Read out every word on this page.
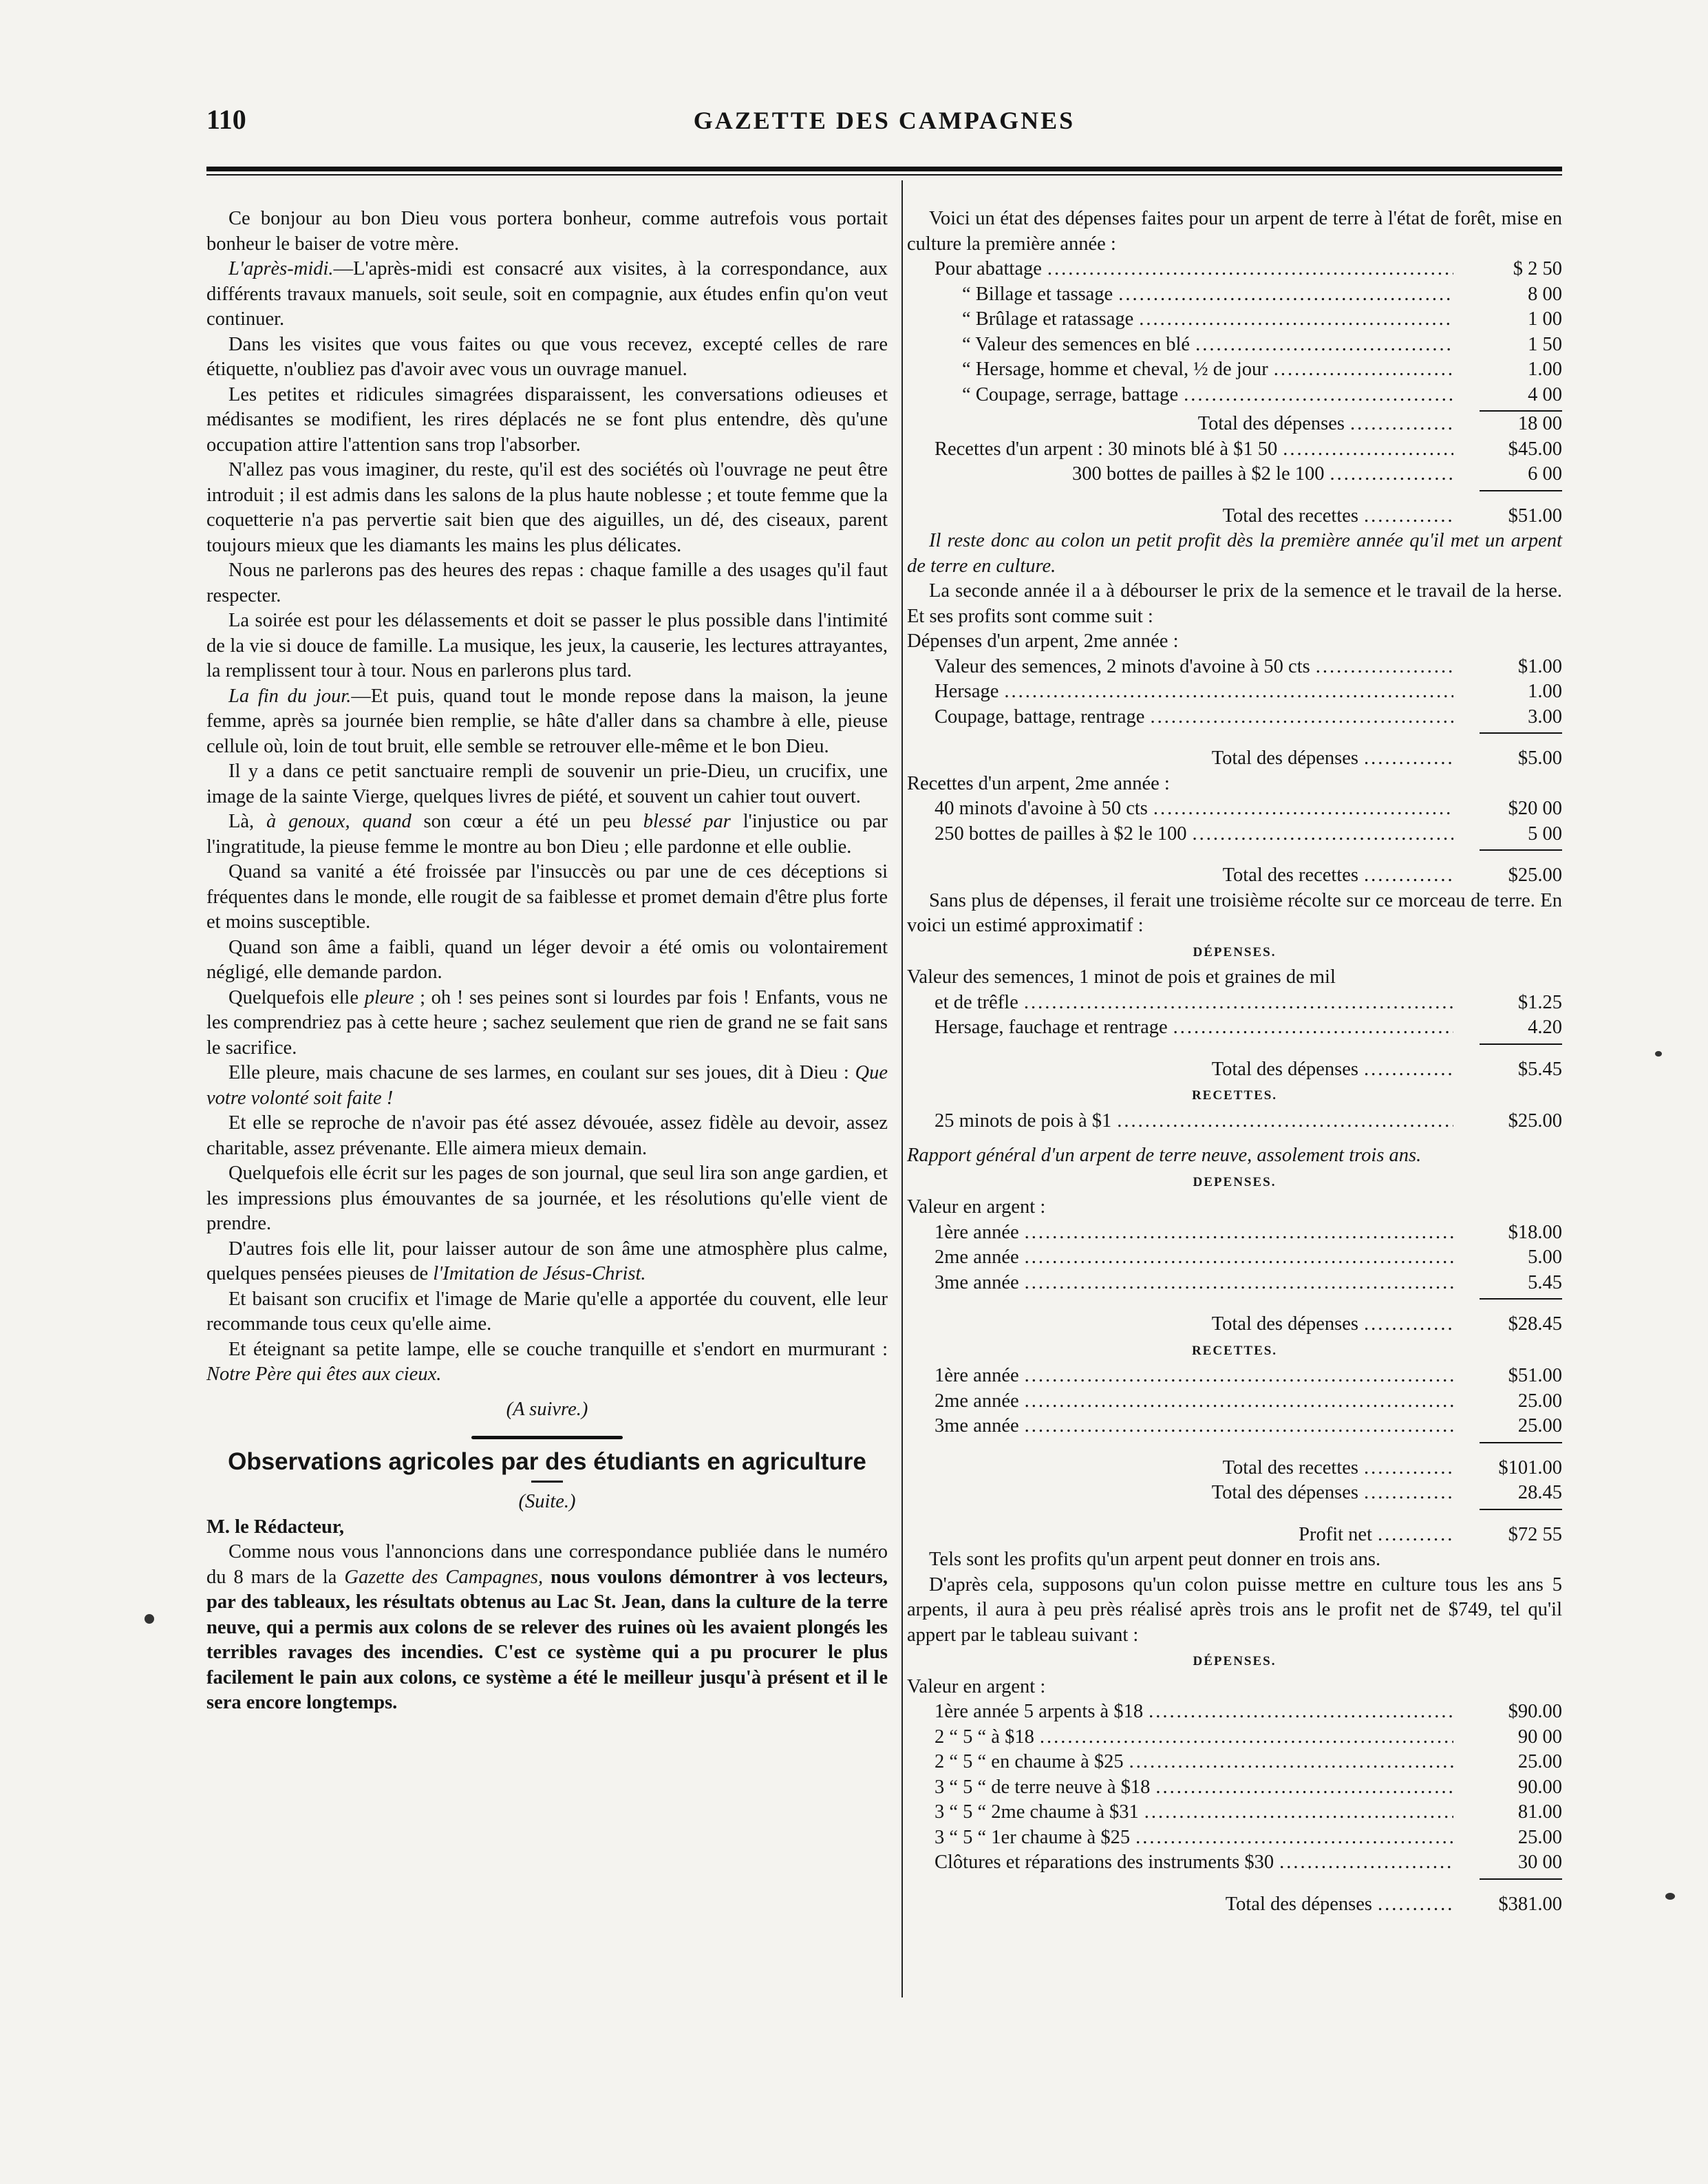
110	GAZETTE DES CAMPAGNES

Ce bonjour au bon Dieu vous portera bonheur, comme autrefois vous portait bonheur le baiser de votre mère.

L'après-midi.—L'après-midi est consacré aux visites, à la correspondance, aux différents travaux manuels, soit seule, soit en compagnie, aux études enfin qu'on veut continuer.

Dans les visites que vous faites ou que vous recevez, excepté celles de rare étiquette, n'oubliez pas d'avoir avec vous un ouvrage manuel.

Les petites et ridicules simagrées disparaissent, les conversations odieuses et médisantes se modifient, les rires déplacés ne se font plus entendre, dès qu'une occupation attire l'attention sans trop l'absorber.

N'allez pas vous imaginer, du reste, qu'il est des sociétés où l'ouvrage ne peut être introduit ; il est admis dans les salons de la plus haute noblesse ; et toute femme que la coquetterie n'a pas pervertie sait bien que des aiguilles, un dé, des ciseaux, parent toujours mieux que les diamants les mains les plus délicates.

Nous ne parlerons pas des heures des repas : chaque famille a des usages qu'il faut respecter.

La soirée est pour les délassements et doit se passer le plus possible dans l'intimité de la vie si douce de famille. La musique, les jeux, la causerie, les lectures attrayantes, la remplissent tour à tour. Nous en parlerons plus tard.

La fin du jour.—Et puis, quand tout le monde repose dans la maison, la jeune femme, après sa journée bien remplie, se hâte d'aller dans sa chambre à elle, pieuse cellule où, loin de tout bruit, elle semble se retrouver elle-même et le bon Dieu.

Il y a dans ce petit sanctuaire rempli de souvenir un prie-Dieu, un crucifix, une image de la sainte Vierge, quelques livres de piété, et souvent un cahier tout ouvert.

Là, à genoux, quand son cœur a été un peu blessé par l'injustice ou par l'ingratitude, la pieuse femme le montre au bon Dieu ; elle pardonne et elle oublie.

Quand sa vanité a été froissée par l'insuccès ou par une de ces déceptions si fréquentes dans le monde, elle rougit de sa faiblesse et promet demain d'être plus forte et moins susceptible.

Quand son âme a faibli, quand un léger devoir a été omis ou volontairement négligé, elle demande pardon.

Quelquefois elle pleure ; oh ! ses peines sont si lourdes par fois ! Enfants, vous ne les comprendriez pas à cette heure ; sachez seulement que rien de grand ne se fait sans le sacrifice.

Elle pleure, mais chacune de ses larmes, en coulant sur ses joues, dit à Dieu : Que votre volonté soit faite !

Et elle se reproche de n'avoir pas été assez dévouée, assez fidèle au devoir, assez charitable, assez prévenante. Elle aimera mieux demain.

Quelquefois elle écrit sur les pages de son journal, que seul lira son ange gardien, et les impressions plus émouvantes de sa journée, et les résolutions qu'elle vient de prendre.

D'autres fois elle lit, pour laisser autour de son âme une atmosphère plus calme, quelques pensées pieuses de l'Imitation de Jésus-Christ.

Et baisant son crucifix et l'image de Marie qu'elle a apportée du couvent, elle leur recommande tous ceux qu'elle aime.

Et éteignant sa petite lampe, elle se couche tranquille et s'endort en murmurant : Notre Père qui êtes aux cieux.

(A suivre.)

Observations agricoles par des étudiants en agriculture
(Suite.)

M. le Rédacteur,

Comme nous vous l'annoncions dans une correspondance publiée dans le numéro du 8 mars de la Gazette des Campagnes, nous voulons démontrer à vos lecteurs, par des tableaux, les résultats obtenus au Lac St. Jean, dans la culture de la terre neuve, qui a permis aux colons de se relever des ruines où les avaient plongés les terribles ravages des incendies. C'est ce système qui a pu procurer le plus facilement le pain aux colons, ce système a été le meilleur jusqu'à présent et il le sera encore longtemps.

Voici un état des dépenses faites pour un arpent de terre à l'état de forêt, mise en culture la première année :

Pour abattage .....	$ 2 50
“ Billage et tassage .....	8 00
“ Brûlage et ratassage .....	1 00
“ Valeur des semences en blé .....	1 50
“ Hersage, homme et cheval, ½ de jour .....	1.00
“ Coupage, serrage, battage .....	4 00
Total des dépenses .....	18 00
Recettes d'un arpent : 30 minots blé à $1 50 .....	$45.00
300 bottes de pailles à $2 le 100 .....	6 00
Total des recettes .....	$51.00

Il reste donc au colon un petit profit dès la première année qu'il met un arpent de terre en culture.

La seconde année il a à débourser le prix de la semence et le travail de la herse. Et ses profits sont comme suit :

Dépenses d'un arpent, 2me année :

Valeur des semences, 2 minots d'avoine à 50 cts .....	$1.00
Hersage .....	1.00
Coupage, battage, rentrage .....	3.00
Total des dépenses .....	$5.00

Recettes d'un arpent, 2me année :

40 minots d'avoine à 50 cts .....	$20 00
250 bottes de pailles à $2 le 100 .....	5 00
Total des recettes .....	$25.00

Sans plus de dépenses, il ferait une troisième récolte sur ce morceau de terre. En voici un estimé approximatif :

DÉPENSES.

Valeur des semences, 1 minot de pois et graines de mil

et de trêfle .....	$1.25
Hersage, fauchage et rentrage .....	4.20
Total des dépenses .....	$5.45
RECETTES.
25 minots de pois à $1 .....	$25.00

Rapport général d'un arpent de terre neuve, assolement trois ans.

DEPENSES.

Valeur en argent :

1ère année .....	$18.00
2me année .....	5.00
3me année .....	5.45
Total des dépenses .....	$28.45
RECETTES.
1ère année .....	$51.00
2me année .....	25.00
3me année .....	25.00
Total des recettes .....	$101.00
Total des dépenses .....	28.45
Profit net .....	$72 55

Tels sont les profits qu'un arpent peut donner en trois ans.

D'après cela, supposons qu'un colon puisse mettre en culture tous les ans 5 arpents, il aura à peu près réalisé après trois ans le profit net de $749, tel qu'il appert par le tableau suivant :

DÉPENSES.

Valeur en argent :

1ère année 5 arpents à $18 .....	$90.00
2 “ 5 “ à $18 .....	90 00
2 “ 5 “ en chaume à $25 .....	25.00
3 “ 5 “ de terre neuve à $18 .....	90.00
3 “ 5 “ 2me chaume à $31 .....	81.00
3 “ 5 “ 1er chaume à $25 .....	25.00
Clôtures et réparations des instruments $30 .....	30 00
Total des dépenses .....	$381.00
